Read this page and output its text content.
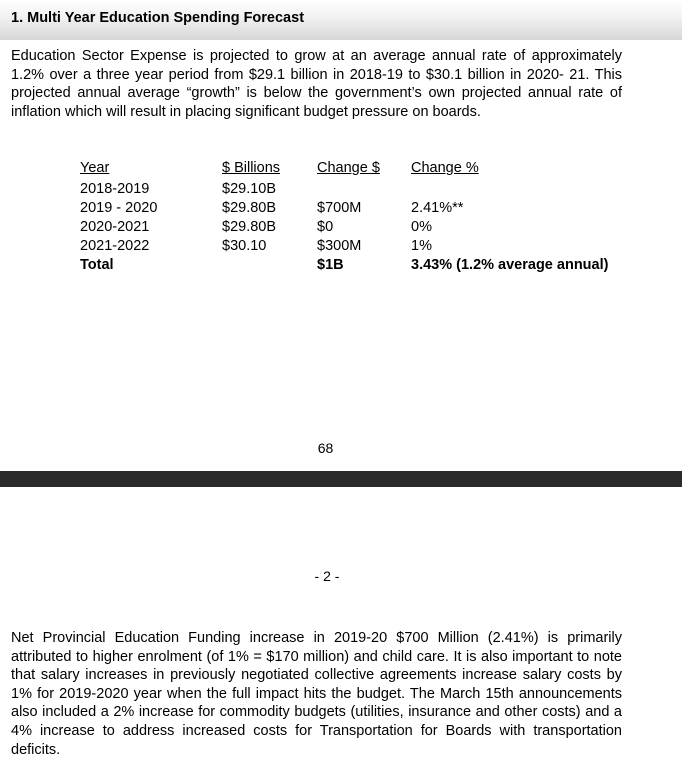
1. Multi Year Education Spending Forecast

Education Sector Expense is projected to grow at an average annual rate of approximately 1.2% over a three year period from $29.1 billion in 2018-19 to $30.1 billion in 2020- 21. This projected annual average “growth” is below the government’s own projected annual rate of inflation which will result in placing significant budget pressure on boards.

Year	$ Billions	Change $	Change %
2018-2019	$29.10B		
2019 - 2020	$29.80B	$700M	2.41%**
2020-2021	$29.80B	$0	0%
2021-2022	$30.10	$300M	1%
Total		$1B	3.43% (1.2% average annual)
68
- 2 -

Net Provincial Education Funding increase in 2019-20 $700 Million (2.41%) is primarily attributed to higher enrolment (of 1% = $170 million) and child care. It is also important to note that salary increases in previously negotiated collective agreements increase salary costs by 1% for 2019-2020 year when the full impact hits the budget. The March 15th announcements also included a 2% increase for commodity budgets (utilities, insurance and other costs) and a 4% increase to address increased costs for Transportation for Boards with transportation deficits.
